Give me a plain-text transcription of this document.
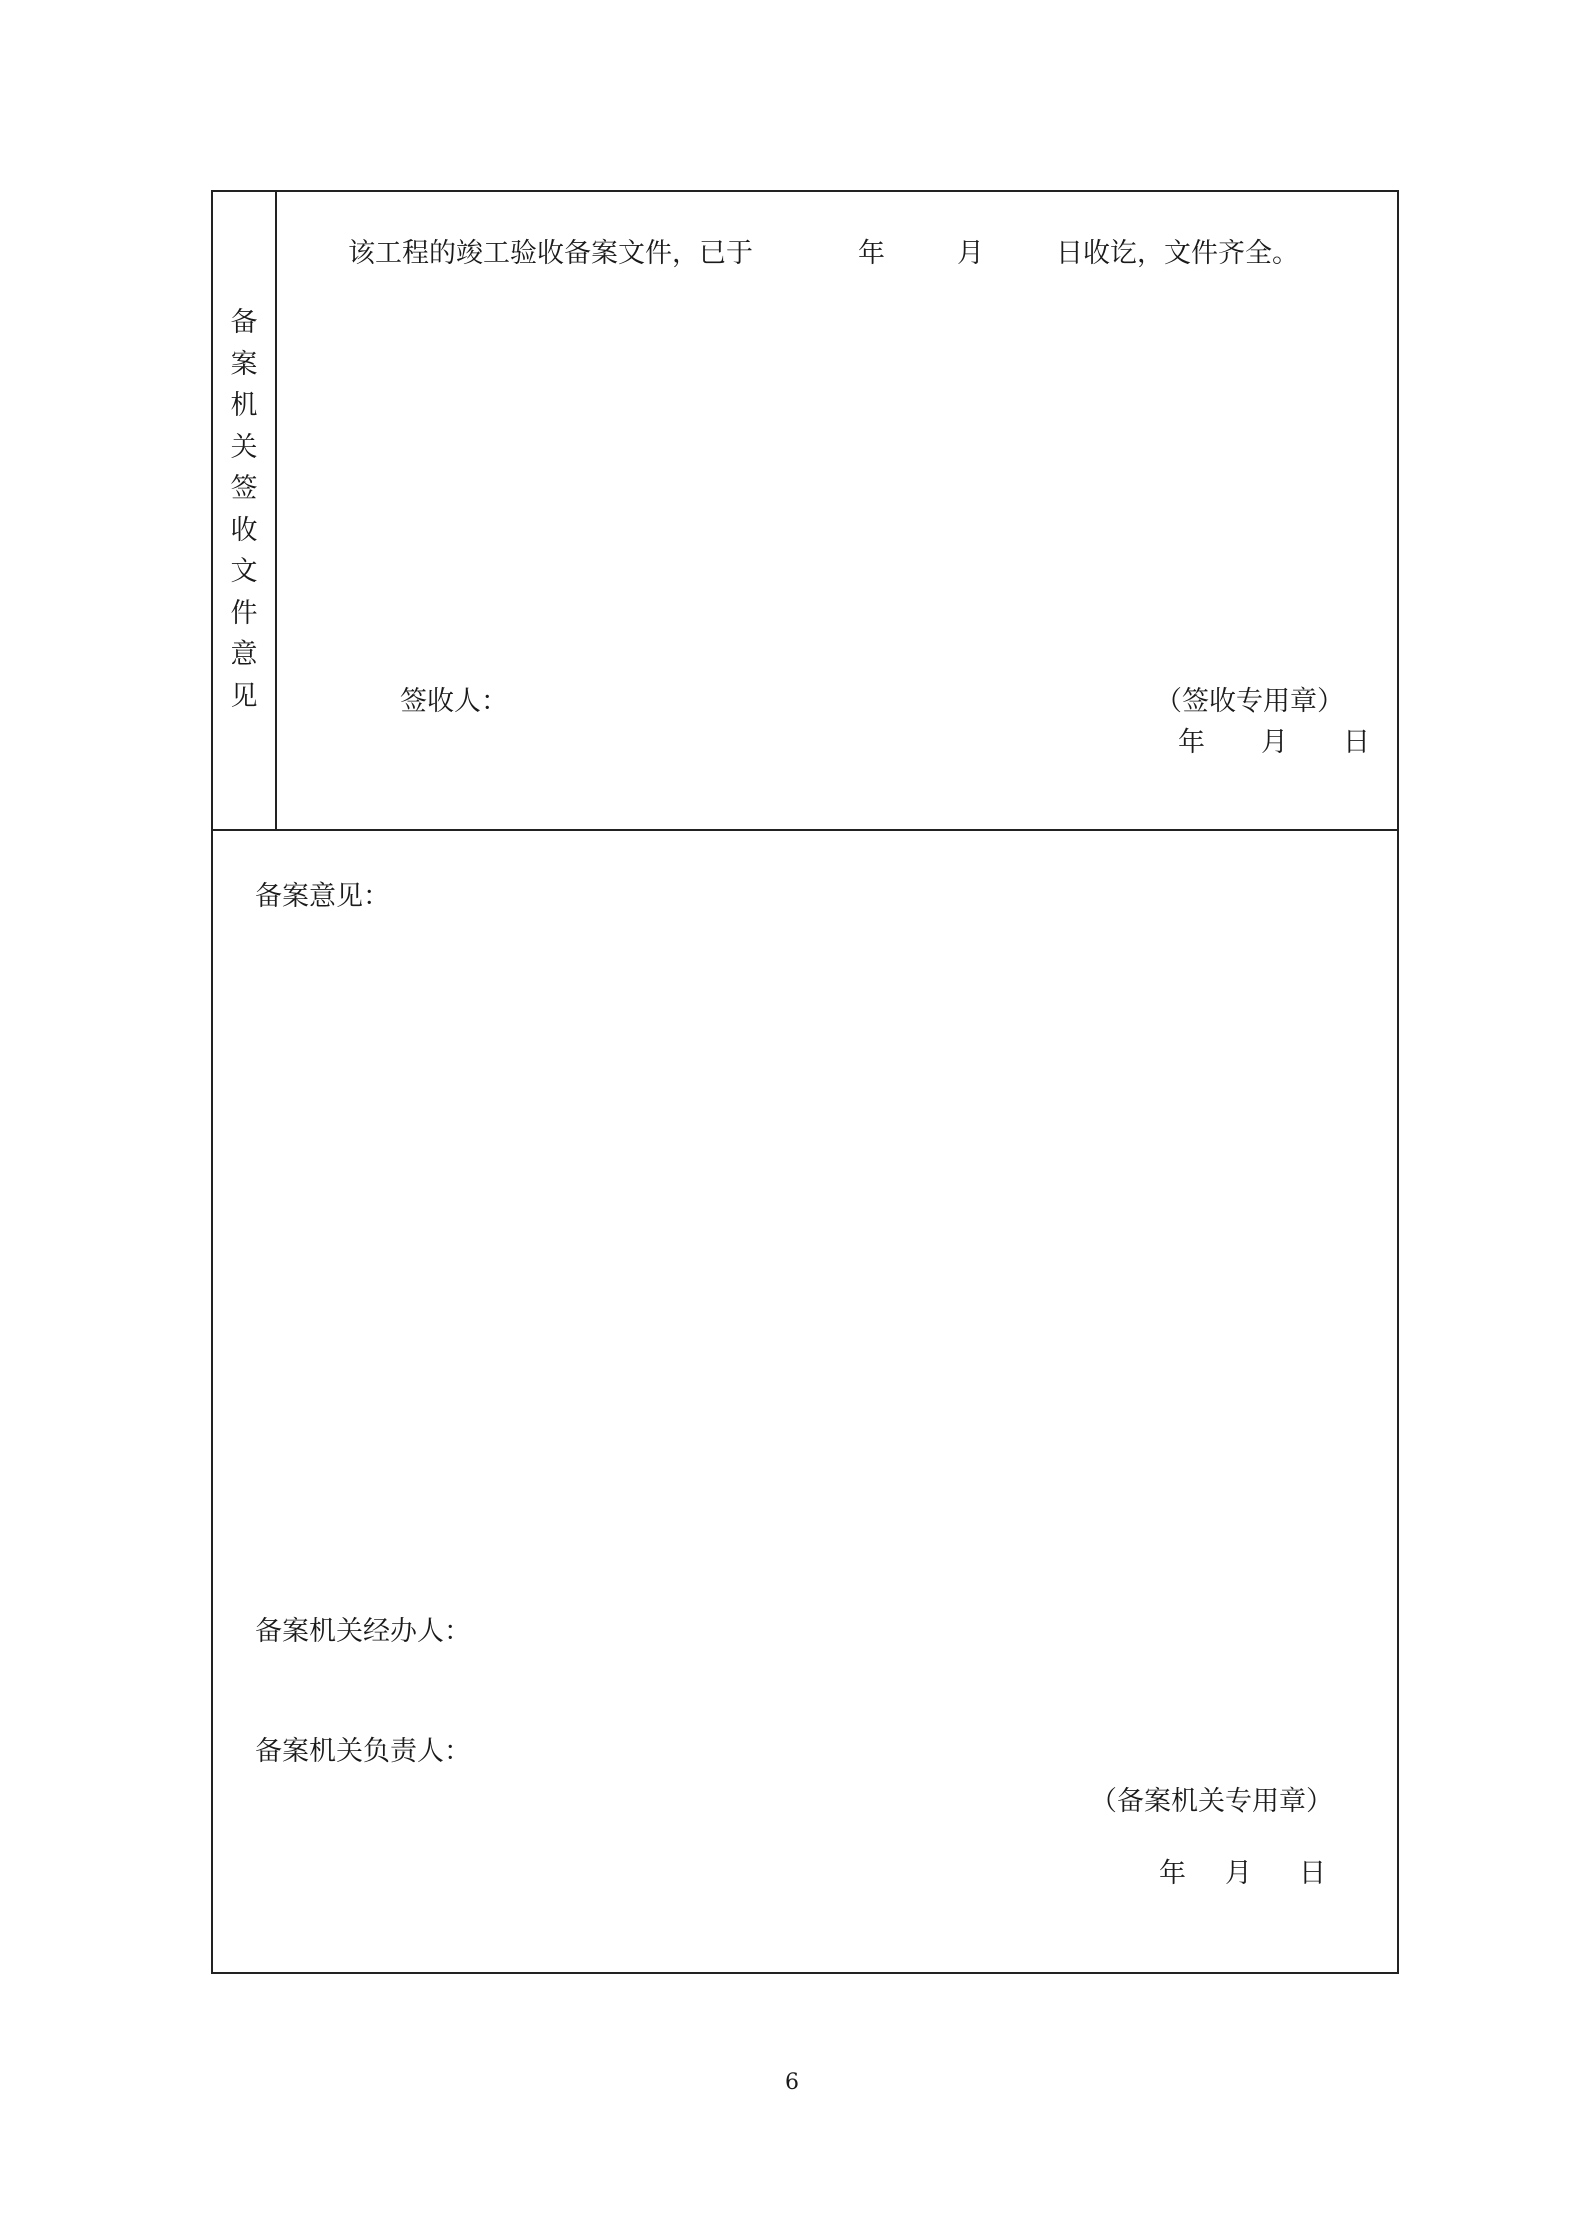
备
案
机
关
签
收
文
件
意
见
该工程的竣工验收备案文件，已于	年	月	日收讫，文件齐全。
签收人：	（签收专用章）
年 月 日
备案意见：
备案机关经办人：
备案机关负责人：
（备案机关专用章）
年 月 日
6
